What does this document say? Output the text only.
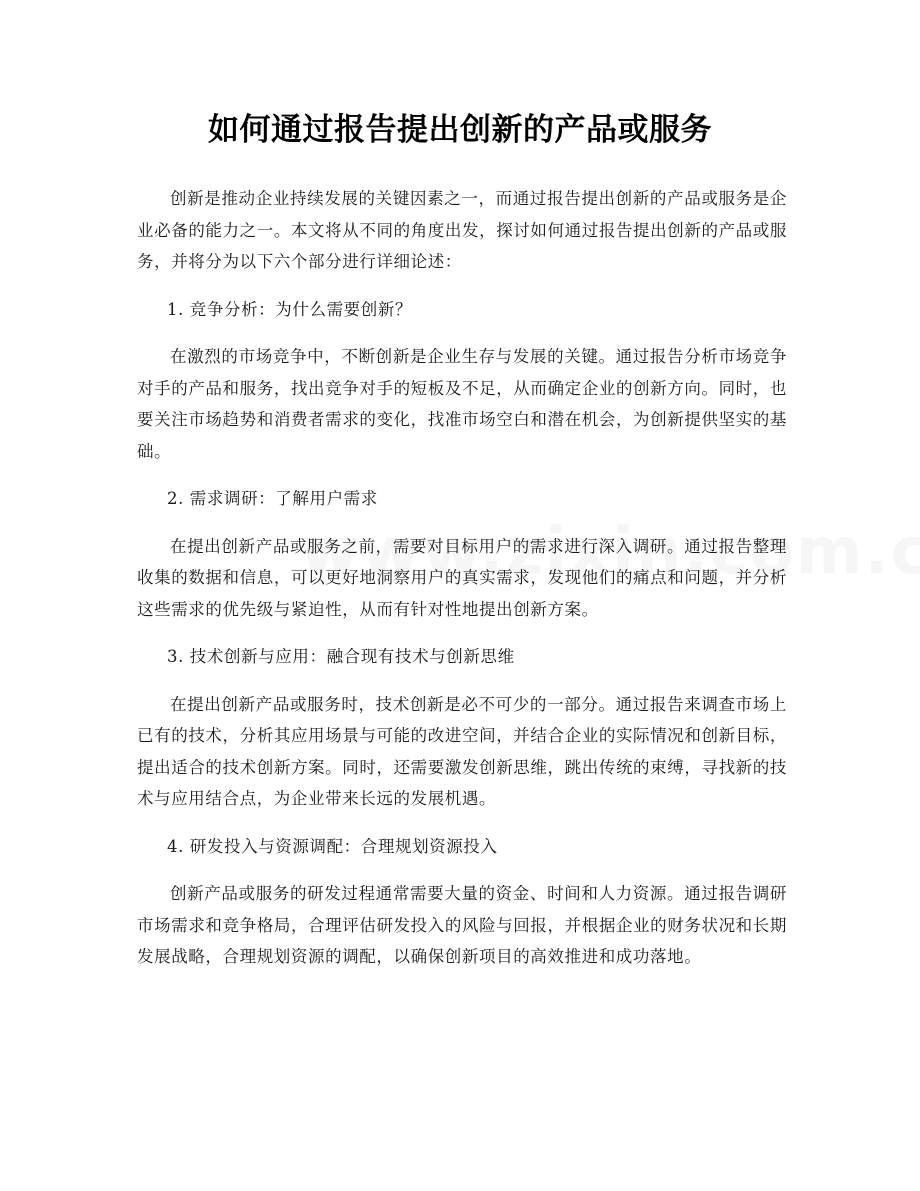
如何通过报告提出创新的产品或服务

创新是推动企业持续发展的关键因素之一，而通过报告提出创新的产品或服务是企业必备的能力之一。本文将从不同的角度出发，探讨如何通过报告提出创新的产品或服务，并将分为以下六个部分进行详细论述：

1. 竞争分析：为什么需要创新？

在激烈的市场竞争中，不断创新是企业生存与发展的关键。通过报告分析市场竞争对手的产品和服务，找出竞争对手的短板及不足，从而确定企业的创新方向。同时，也要关注市场趋势和消费者需求的变化，找准市场空白和潜在机会，为创新提供坚实的基础。

2. 需求调研：了解用户需求

在提出创新产品或服务之前，需要对目标用户的需求进行深入调研。通过报告整理收集的数据和信息，可以更好地洞察用户的真实需求，发现他们的痛点和问题，并分析这些需求的优先级与紧迫性，从而有针对性地提出创新方案。

3. 技术创新与应用：融合现有技术与创新思维

在提出创新产品或服务时，技术创新是必不可少的一部分。通过报告来调查市场上已有的技术，分析其应用场景与可能的改进空间，并结合企业的实际情况和创新目标，提出适合的技术创新方案。同时，还需要激发创新思维，跳出传统的束缚，寻找新的技术与应用结合点，为企业带来长远的发展机遇。

4. 研发投入与资源调配：合理规划资源投入

创新产品或服务的研发过程通常需要大量的资金、时间和人力资源。通过报告调研市场需求和竞争格局，合理评估研发投入的风险与回报，并根据企业的财务状况和长期发展战略，合理规划资源的调配，以确保创新项目的高效推进和成功落地。
